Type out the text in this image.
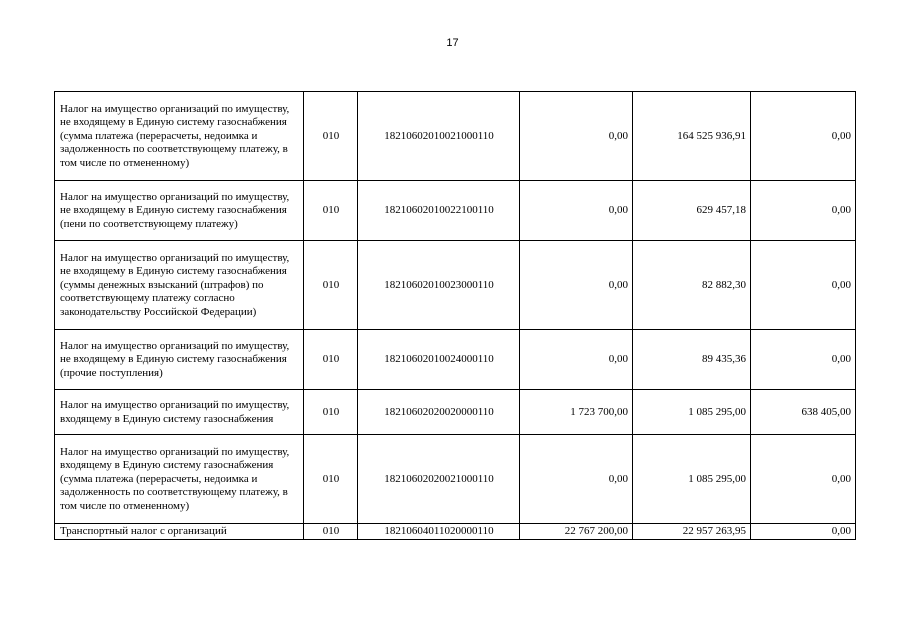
17
Налог на имущество организаций по имуществу, не входящему в Единую систему газоснабжения (сумма платежа (перерасчеты, недоимка и задолженность по соответствующему платежу, в том числе по отмененному)	010	18210602010021000110	0,00	164 525 936,91	0,00
Налог на имущество организаций по имуществу, не входящему в Единую систему газоснабжения (пени по соответствующему платежу)	010	18210602010022100110	0,00	629 457,18	0,00
Налог на имущество организаций по имуществу, не входящему в Единую систему газоснабжения (суммы денежных взысканий (штрафов) по соответствующему платежу согласно законодательству Российской Федерации)	010	18210602010023000110	0,00	82 882,30	0,00
Налог на имущество организаций по имуществу, не входящему в Единую систему газоснабжения (прочие поступления)	010	18210602010024000110	0,00	89 435,36	0,00
Налог на имущество организаций по имуществу, входящему в Единую систему газоснабжения	010	18210602020020000110	1 723 700,00	1 085 295,00	638 405,00
Налог на имущество организаций по имуществу, входящему в Единую систему газоснабжения (сумма платежа (перерасчеты, недоимка и задолженность по соответствующему платежу, в том числе по отмененному)	010	18210602020021000110	0,00	1 085 295,00	0,00
Транспортный налог с организаций	010	18210604011020000110	22 767 200,00	22 957 263,95	0,00
